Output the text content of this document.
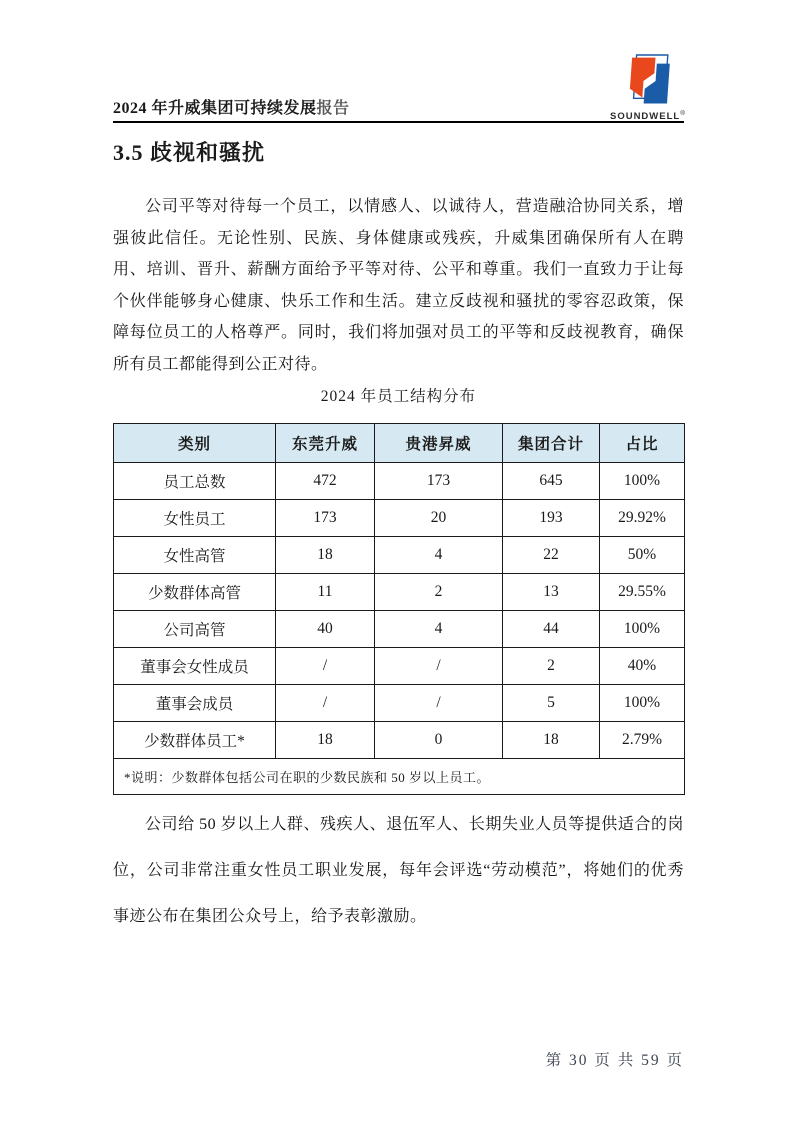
2024 年升威集团可持续发展报告	SOUNDWELL®
3.5 歧视和骚扰

公司平等对待每一个员工，以情感人、以诚待人，营造融洽协同关系，增强彼此信任。无论性别、民族、身体健康或残疾，升威集团确保所有人在聘用、培训、晋升、薪酬方面给予平等对待、公平和尊重。我们一直致力于让每个伙伴能够身心健康、快乐工作和生活。建立反歧视和骚扰的零容忍政策，保障每位员工的人格尊严。同时，我们将加强对员工的平等和反歧视教育，确保所有员工都能得到公正对待。

2024 年员工结构分布
类别	东莞升威	贵港昇威	集团合计	占比
员工总数	472	173	645	100%
女性员工	173	20	193	29.92%
女性高管	18	4	22	50%
少数群体高管	11	2	13	29.55%
公司高管	40	4	44	100%
董事会女性成员	/	/	2	40%
董事会成员	/	/	5	100%
少数群体员工*	18	0	18	2.79%
*说明：少数群体包括公司在职的少数民族和 50 岁以上员工。				

公司给 50 岁以上人群、残疾人、退伍军人、长期失业人员等提供适合的岗位，公司非常注重女性员工职业发展，每年会评选“劳动模范”，将她们的优秀事迹公布在集团公众号上，给予表彰激励。

第 30 页 共 59 页
